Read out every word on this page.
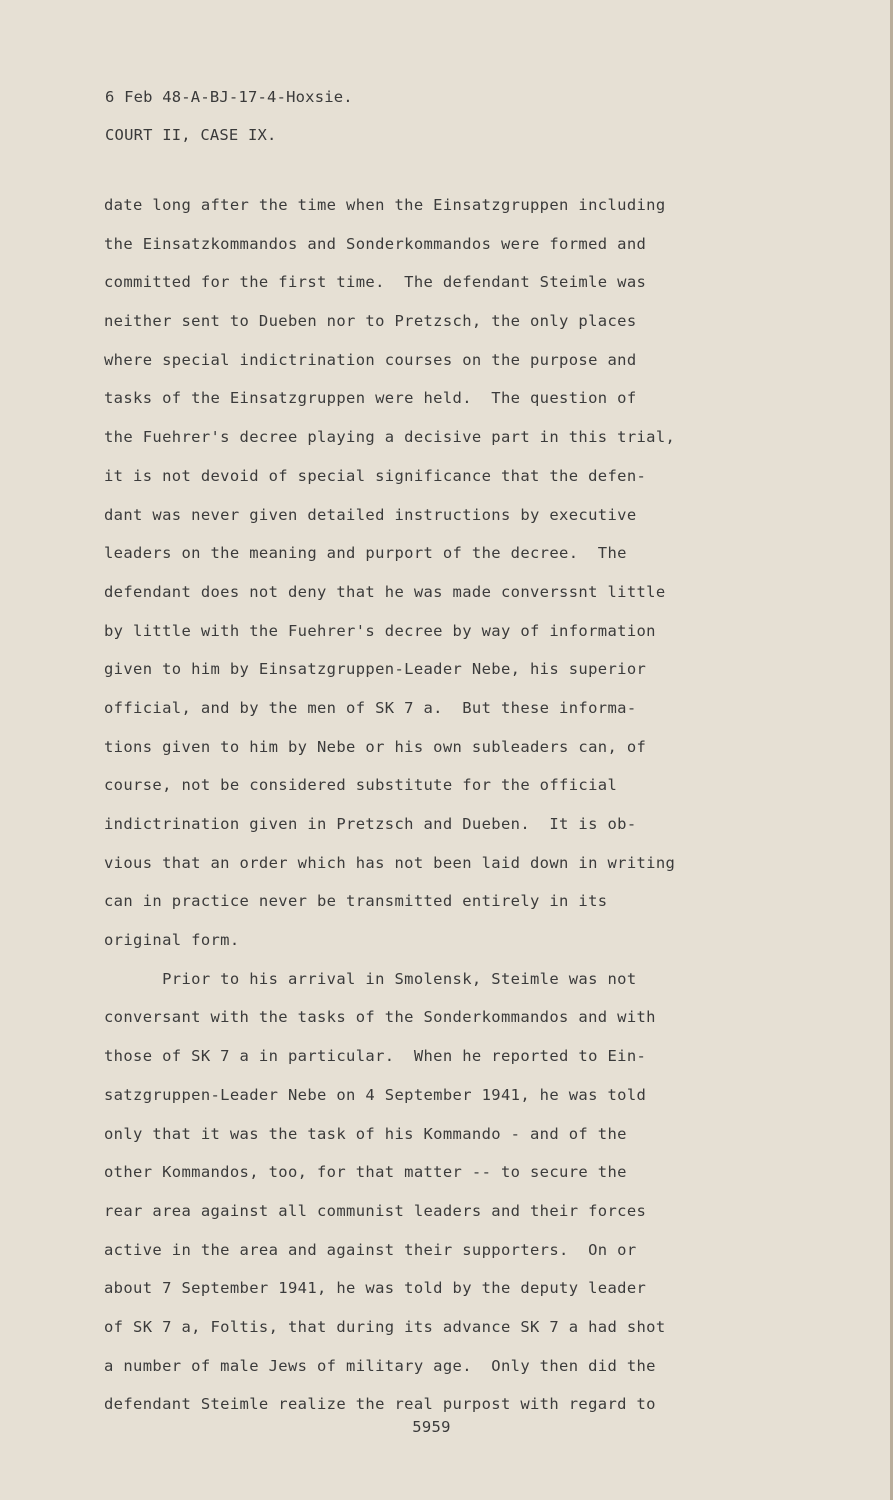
6 Feb 48-A-BJ-17-4-Hoxsie.
COURT II, CASE IX.
date long after the time when the Einsatzgruppen including
the Einsatzkommandos and Sonderkommandos were formed and
committed for the first time.  The defendant Steimle was
neither sent to Dueben nor to Pretzsch, the only places
where special indictrination courses on the purpose and
tasks of the Einsatzgruppen were held.  The question of
the Fuehrer's decree playing a decisive part in this trial,
it is not devoid of special significance that the defen-
dant was never given detailed instructions by executive
leaders on the meaning and purport of the decree.  The
defendant does not deny that he was made converssnt little
by little with the Fuehrer's decree by way of information
given to him by Einsatzgruppen-Leader Nebe, his superior
official, and by the men of SK 7 a.  But these informa-
tions given to him by Nebe or his own subleaders can, of
course, not be considered substitute for the official
indictrination given in Pretzsch and Dueben.  It is ob-
vious that an order which has not been laid down in writing
can in practice never be transmitted entirely in its
original form.
Prior to his arrival in Smolensk, Steimle was not
conversant with the tasks of the Sonderkommandos and with
those of SK 7 a in particular.  When he reported to Ein-
satzgruppen-Leader Nebe on 4 September 1941, he was told
only that it was the task of his Kommando - and of the
other Kommandos, too, for that matter -- to secure the
rear area against all communist leaders and their forces
active in the area and against their supporters.  On or
about 7 September 1941, he was told by the deputy leader
of SK 7 a, Foltis, that during its advance SK 7 a had shot
a number of male Jews of military age.  Only then did the
defendant Steimle realize the real purpost with regard to
5959
